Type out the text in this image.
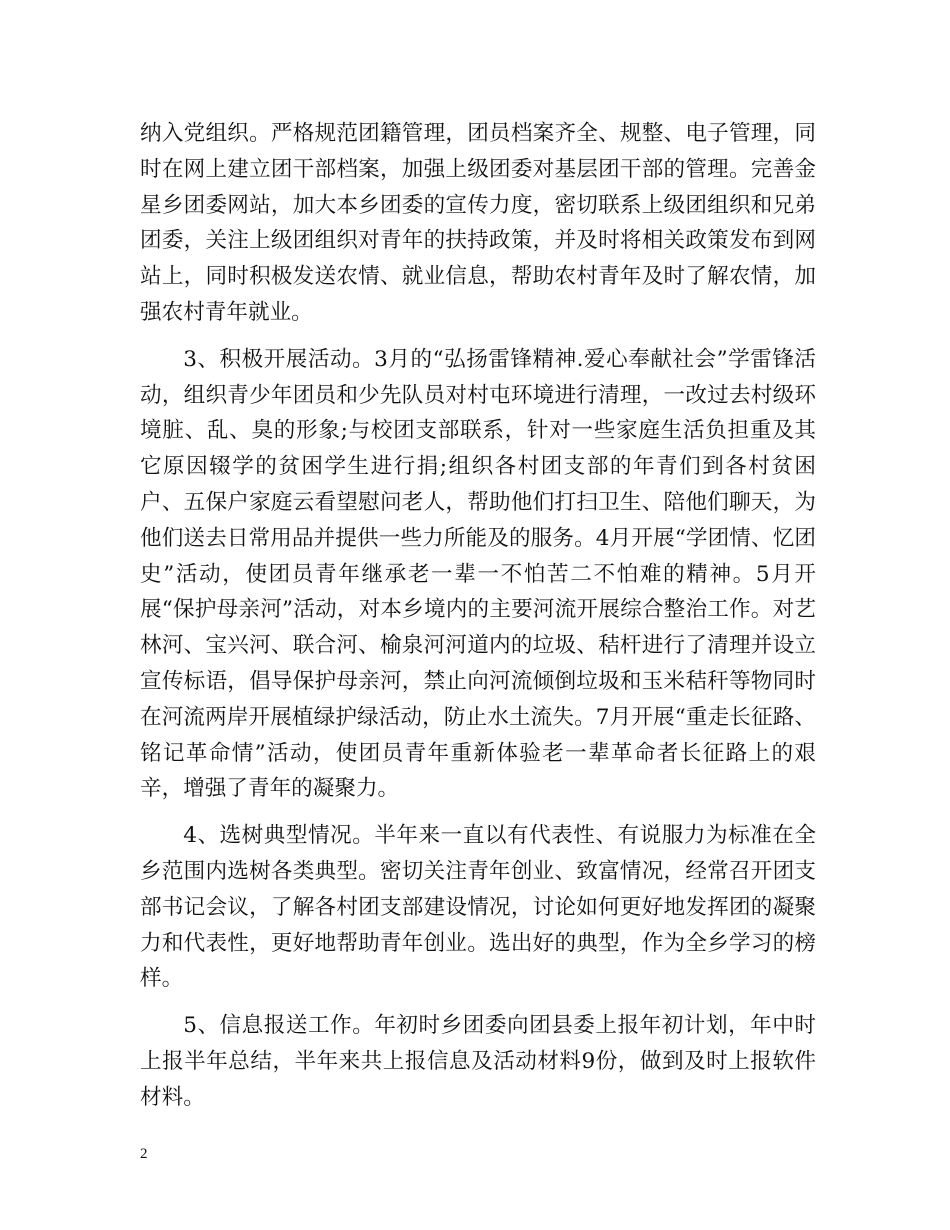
纳入党组织。严格规范团籍管理，团员档案齐全、规整、电子管理，同时在网上建立团干部档案，加强上级团委对基层团干部的管理。完善金星乡团委网站，加大本乡团委的宣传力度，密切联系上级团组织和兄弟团委，关注上级团组织对青年的扶持政策，并及时将相关政策发布到网站上，同时积极发送农情、就业信息，帮助农村青年及时了解农情，加强农村青年就业。

3、积极开展活动。3月的“弘扬雷锋精神.爱心奉献社会”学雷锋活动，组织青少年团员和少先队员对村屯环境进行清理，一改过去村级环境脏、乱、臭的形象;与校团支部联系，针对一些家庭生活负担重及其它原因辍学的贫困学生进行捐;组织各村团支部的年青们到各村贫困户、五保户家庭云看望慰问老人，帮助他们打扫卫生、陪他们聊天，为他们送去日常用品并提供一些力所能及的服务。4月开展“学团情、忆团史”活动，使团员青年继承老一辈一不怕苦二不怕难的精神。5月开展“保护母亲河”活动，对本乡境内的主要河流开展综合整治工作。对艺林河、宝兴河、联合河、榆泉河河道内的垃圾、秸杆进行了清理并设立宣传标语，倡导保护母亲河，禁止向河流倾倒垃圾和玉米秸秆等物同时在河流两岸开展植绿护绿活动，防止水土流失。7月开展“重走长征路、铭记革命情”活动，使团员青年重新体验老一辈革命者长征路上的艰辛，增强了青年的凝聚力。

4、选树典型情况。半年来一直以有代表性、有说服力为标准在全乡范围内选树各类典型。密切关注青年创业、致富情况，经常召开团支部书记会议，了解各村团支部建设情况，讨论如何更好地发挥团的凝聚力和代表性，更好地帮助青年创业。选出好的典型，作为全乡学习的榜样。

5、信息报送工作。年初时乡团委向团县委上报年初计划，年中时上报半年总结，半年来共上报信息及活动材料9份，做到及时上报软件材料。

2
